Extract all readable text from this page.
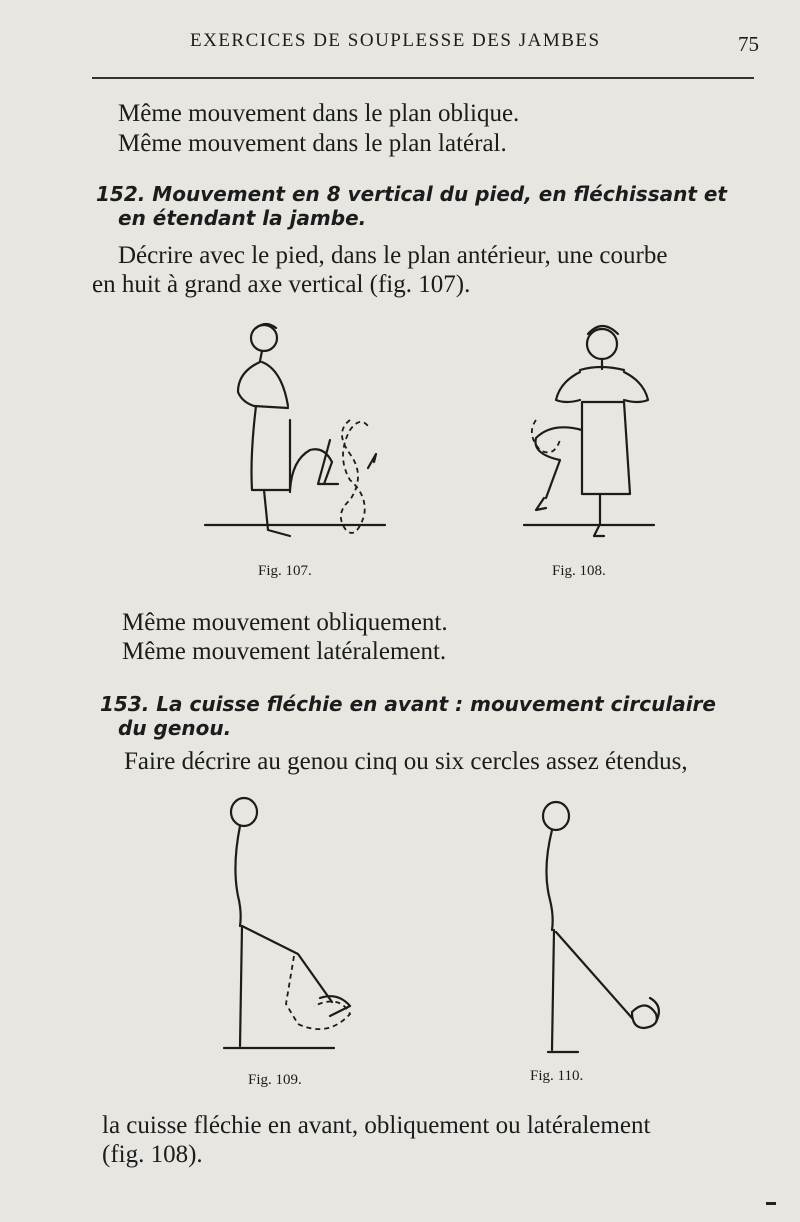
EXERCICES DE SOUPLESSE DES JAMBES	75
Même mouvement dans le plan oblique.
Même mouvement dans le plan latéral.
152. Mouvement en 8 vertical du pied, en fléchissant et
en étendant la jambe.
Décrire avec le pied, dans le plan antérieur, une courbe
en huit à grand axe vertical (fig. 107).
Fig. 107.	Fig. 108.
Même mouvement obliquement.
Même mouvement latéralement.
153. La cuisse fléchie en avant : mouvement circulaire
du genou.
Faire décrire au genou cinq ou six cercles assez étendus,
Fig. 109.	Fig. 110.
la cuisse fléchie en avant, obliquement ou latéralement
(fig. 108).
